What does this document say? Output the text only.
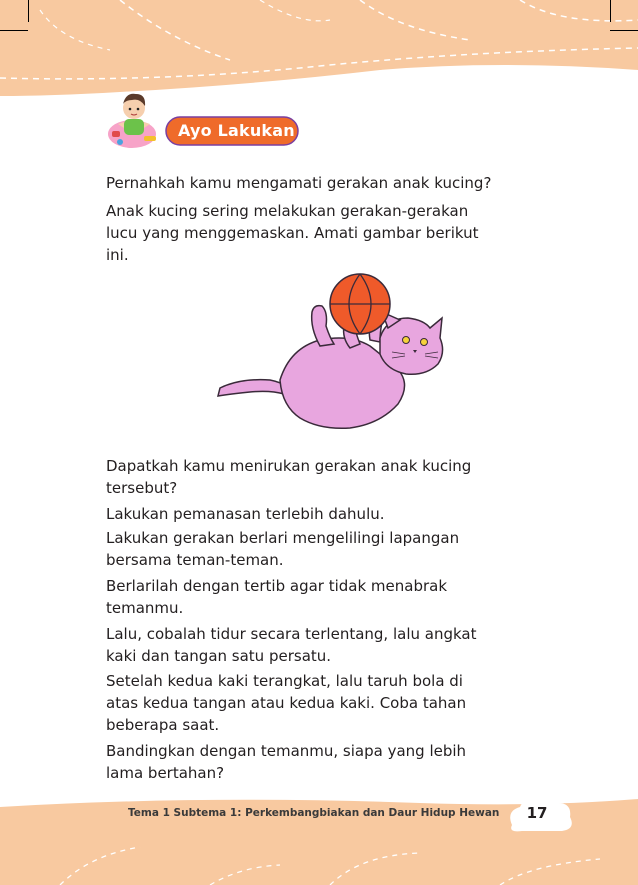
Ayo Lakukan
Pernahkah kamu mengamati gerakan anak kucing?
Anak kucing sering melakukan gerakan-gerakan
lucu yang menggemaskan. Amati gambar berikut
ini.
Dapatkah kamu menirukan gerakan anak kucing
tersebut?
Lakukan pemanasan terlebih dahulu.
Lakukan gerakan berlari mengelilingi lapangan
bersama teman-teman.
Berlarilah dengan tertib agar tidak menabrak
temanmu.
Lalu, cobalah tidur secara terlentang, lalu angkat
kaki dan tangan satu persatu.
Setelah kedua kaki terangkat, lalu taruh bola di
atas kedua tangan atau kedua kaki. Coba tahan
beberapa saat.
Bandingkan dengan temanmu, siapa yang lebih
lama bertahan?
Tema 1 Subtema 1: Perkembangbiakan dan Daur Hidup Hewan	17
